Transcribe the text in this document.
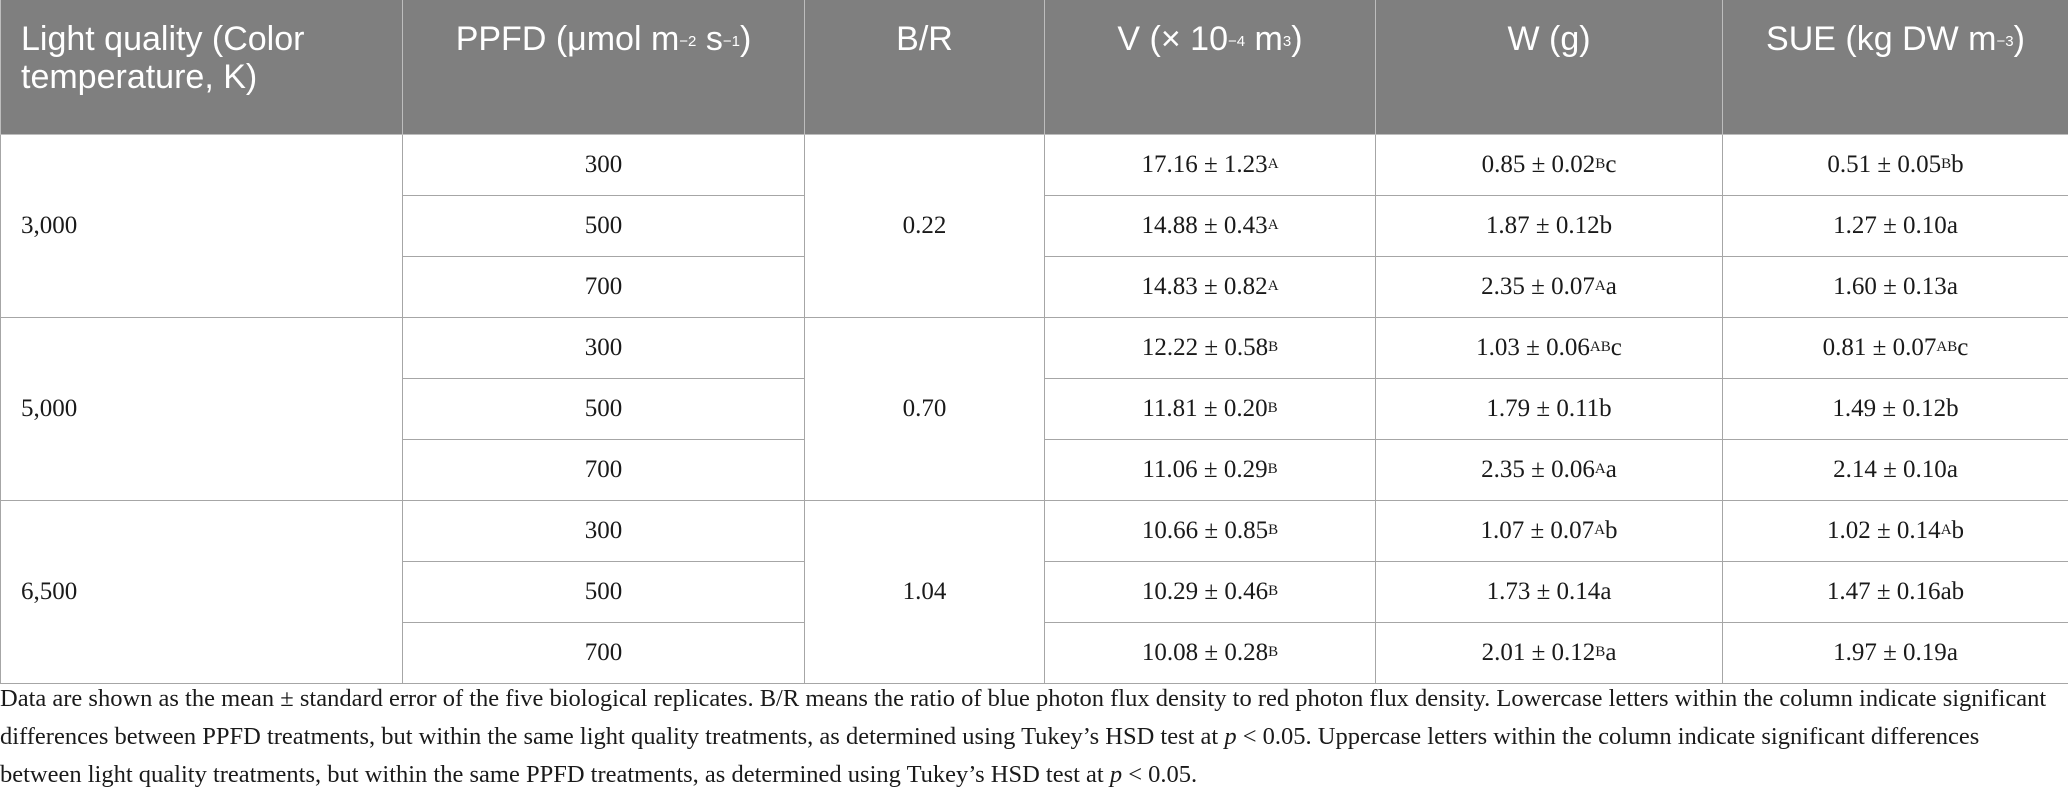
Light quality (Color temperature, K)	PPFD (μmol $m^{-2}$ $s^{-1}$)	B/R	V (× $10^{-4}$ $m^3$)	W (g)	SUE (kg DW $m^{-3}$)

3,000	300	0.22	$17.16 \pm 1.23^A$	$0.85 \pm 0.02^Bc$	$0.51 \pm 0.05^Bb$
	500		$14.88 \pm 0.43^A$	1.87 ± 0.12b	1.27 ± 0.10a
	700		$14.83 \pm 0.82^A$	$2.35 \pm 0.07^Aa$	1.60 ± 0.13a
5,000	300	0.70	$12.22 \pm 0.58^B$	$1.03 \pm 0.06^{AB}c$	$0.81 \pm 0.07^{AB}c$
	500		$11.81 \pm 0.20^B$	1.79 ± 0.11b	1.49 ± 0.12b
	700		$11.06 \pm 0.29^B$	$2.35 \pm 0.06^Aa$	2.14 ± 0.10a
6,500	300	1.04	$10.66 \pm 0.85^B$	$1.07 \pm 0.07^Ab$	$1.02 \pm 0.14^Ab$
	500		$10.29 \pm 0.46^B$	1.73 ± 0.14a	1.47 ± 0.16ab
	700		$10.08 \pm 0.28^B$	$2.01 \pm 0.12^Ba$	1.97 ± 0.19a
Data are shown as the mean ± standard error of the five biological replicates. B/R means the ratio of blue photon flux density to red photon flux density. Lowercase letters within the column indicate significant differences between PPFD treatments, but within the same light quality treatments, as determined using Tukey’s HSD test at p < 0.05. Uppercase letters within the column indicate significant differences between light quality treatments, but within the same PPFD treatments, as determined using Tukey’s HSD test at p < 0.05.
